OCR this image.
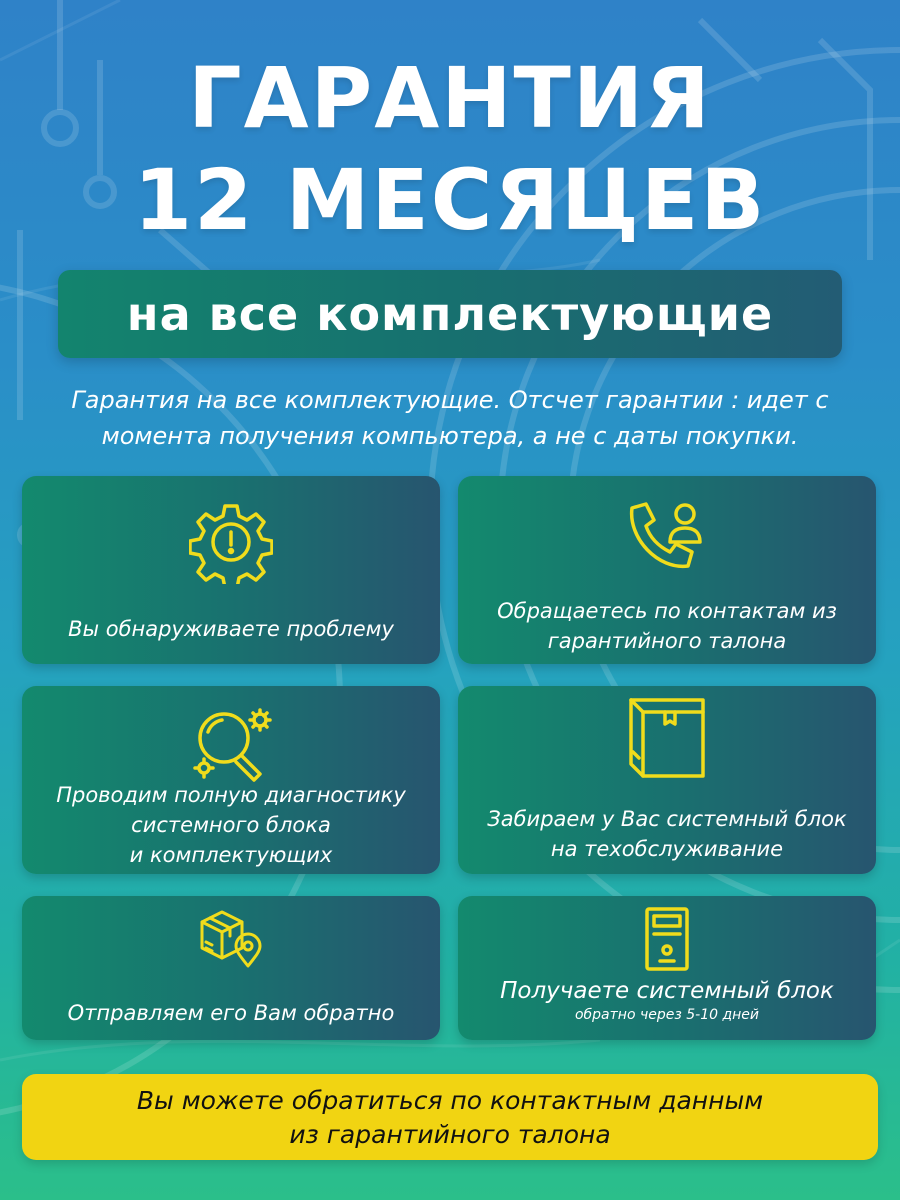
ГАРАНТИЯ
12 МЕСЯЦЕВ
на все комплектующие
Гарантия на все комплектующие. Отсчет гарантии : идет с
момента получения компьютера, а не с даты покупки.
Вы обнаруживаете проблему
Обращаетесь по контактам из
гарантийного талона
Проводим полную диагностику
системного блока
и комплектующих
Забираем у Вас системный блок
на техобслуживание
Отправляем его Вам обратно
Получаете системный блок
обратно через 5-10 дней
Вы можете обратиться по контактным данным
из гарантийного талона
